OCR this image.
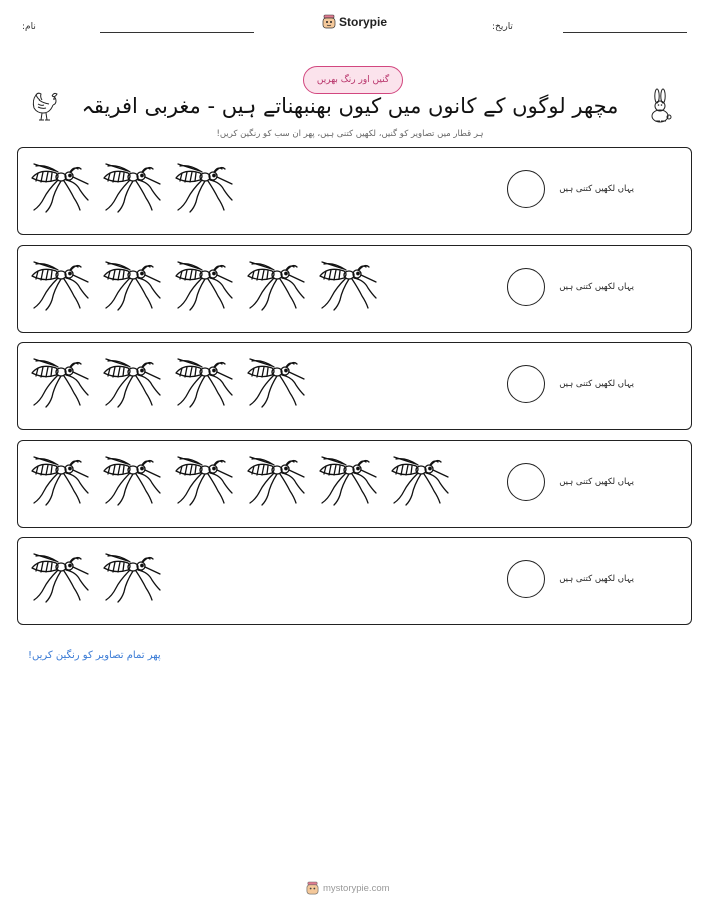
نام:	Storypie	تاریخ:
گنیں اور رنگ بھریں
مچھر لوگوں کے کانوں میں کیوں بھنبھناتے ہیں - مغربی افریقہ
ہر قطار میں تصاویر کو گنیں، لکھیں کتنی ہیں، پھر ان سب کو رنگین کریں!
یہاں لکھیں کتنی ہیں
یہاں لکھیں کتنی ہیں
یہاں لکھیں کتنی ہیں
یہاں لکھیں کتنی ہیں
یہاں لکھیں کتنی ہیں
پھر تمام تصاویر کو رنگین کریں!
mystorypie.com
